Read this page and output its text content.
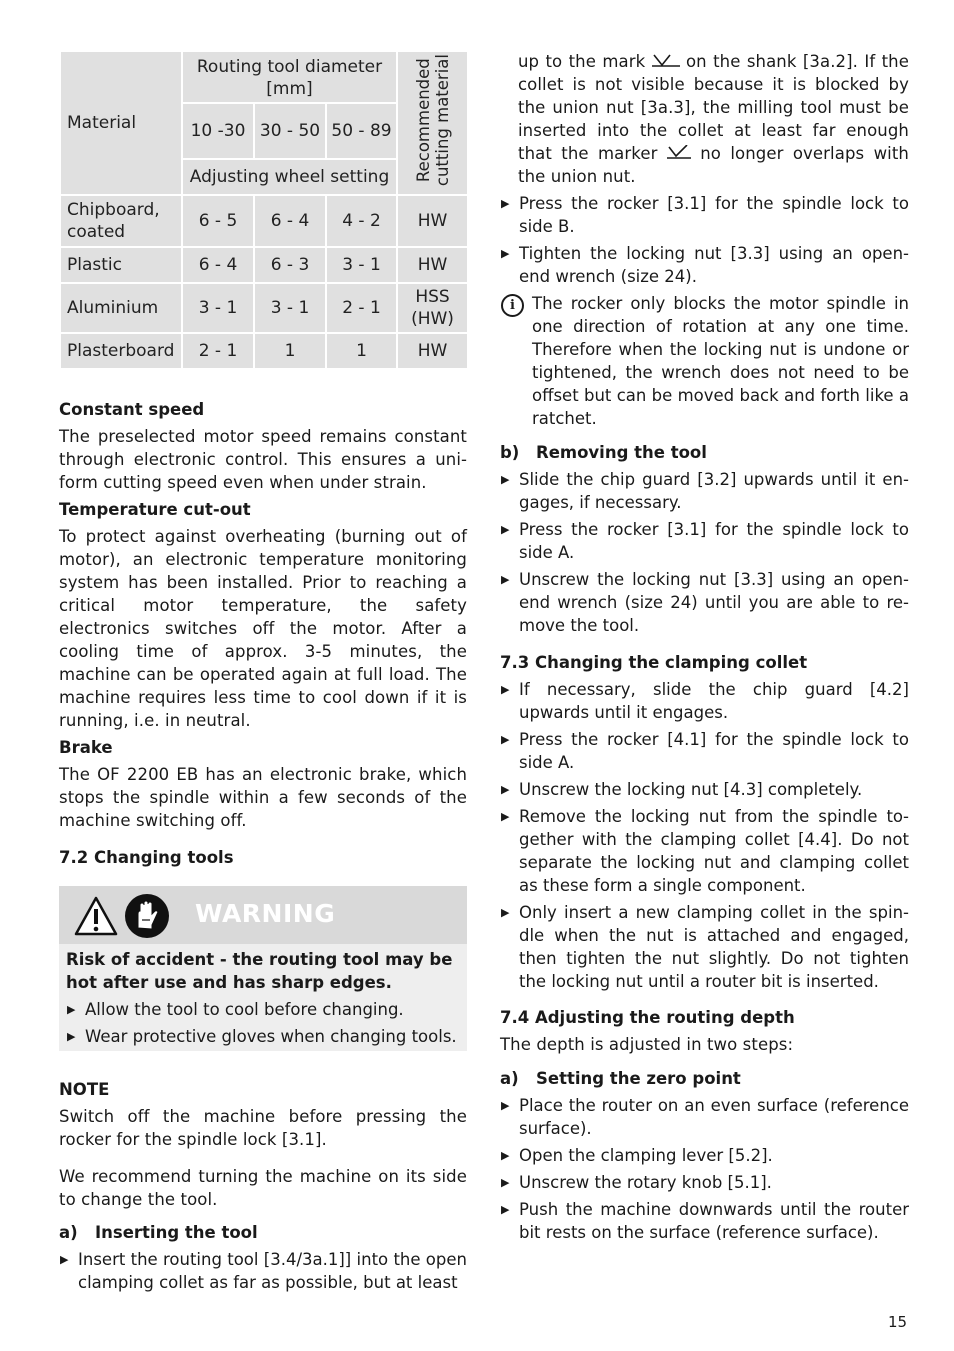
Material	Routing tool diameter [mm]			Recommended
cutting material
	10 -30	30 - 50	50 - 89	
	Adjusting wheel setting			
Chipboard, coated	6 - 5	6 - 4	4 - 2	HW
Plastic	6 - 4	6 - 3	3 - 1	HW
Aluminium	3 - 1	3 - 1	2 - 1	HSS (HW)
Plasterboard	2 - 1	1	1	HW

Constant speed

The preselected motor speed remains constant through electronic control. This ensures a uniform cutting speed even when under strain.

Temperature cut-out

To protect against overheating (burning out of motor), an electronic temperature monitoring system has been installed. Prior to reaching a critical motor temperature, the safety electronics switches off the motor. After a cooling time of approx. 3-5 minutes, the machine can be operated again at full load. The machine requires less time to cool down if it is running, i.e. in neutral.

Brake

The OF 2200 EB has an electronic brake, which stops the spindle within a few seconds of the machine switching off.

7.2 Changing tools

WARNING

Risk of accident - the routing tool may be hot after use and has sharp edges.

▶ Allow the tool to cool before changing.

▶ Wear protective gloves when changing tools.

NOTE

Switch off the machine before pressing the rocker for the spindle lock [3.1].

We recommend turning the machine on its side to change the tool.

a) Inserting the tool

▶ Insert the routing tool [3.4/3a.1]] into the open clamping collet as far as possible, but at least

up to the mark on the shank [3a.2]. If the collet is not visible because it is blocked by the union nut [3a.3], the milling tool must be inserted into the collet at least far enough that the marker	no longer overlaps with the union nut.

▶ Press the rocker [3.1] for the spindle lock to side B.

▶ Tighten the locking nut [3.3] using an open-end wrench (size 24).

i	The rocker only blocks the motor spindle in one direction of rotation at any one time. Therefore when the locking nut is undone or tightened, the wrench does not need to be offset but can be moved back and forth like a ratchet.

b) Removing the tool

▶ Slide the chip guard [3.2] upwards until it engages, if necessary.

▶ Press the rocker [3.1] for the spindle lock to side A.

▶ Unscrew the locking nut [3.3] using an open-end wrench (size 24) until you are able to remove the tool.

7.3 Changing the clamping collet

▶ If necessary, slide the chip guard [4.2] upwards until it engages.

▶ Press the rocker [4.1] for the spindle lock to side A.

▶ Unscrew the locking nut [4.3] completely.

▶ Remove the locking nut from the spindle together with the clamping collet [4.4]. Do not separate the locking nut and clamping collet as these form a single component.

▶ Only insert a new clamping collet in the spindle when the nut is attached and engaged, then tighten the nut slightly. Do not tighten the locking nut until a router bit is inserted.

7.4 Adjusting the routing depth

The depth is adjusted in two steps:

a) Setting the zero point

▶ Place the router on an even surface (reference surface).

▶ Open the clamping lever [5.2].

▶ Unscrew the rotary knob [5.1].

▶ Push the machine downwards until the router bit rests on the surface (reference surface).

15
